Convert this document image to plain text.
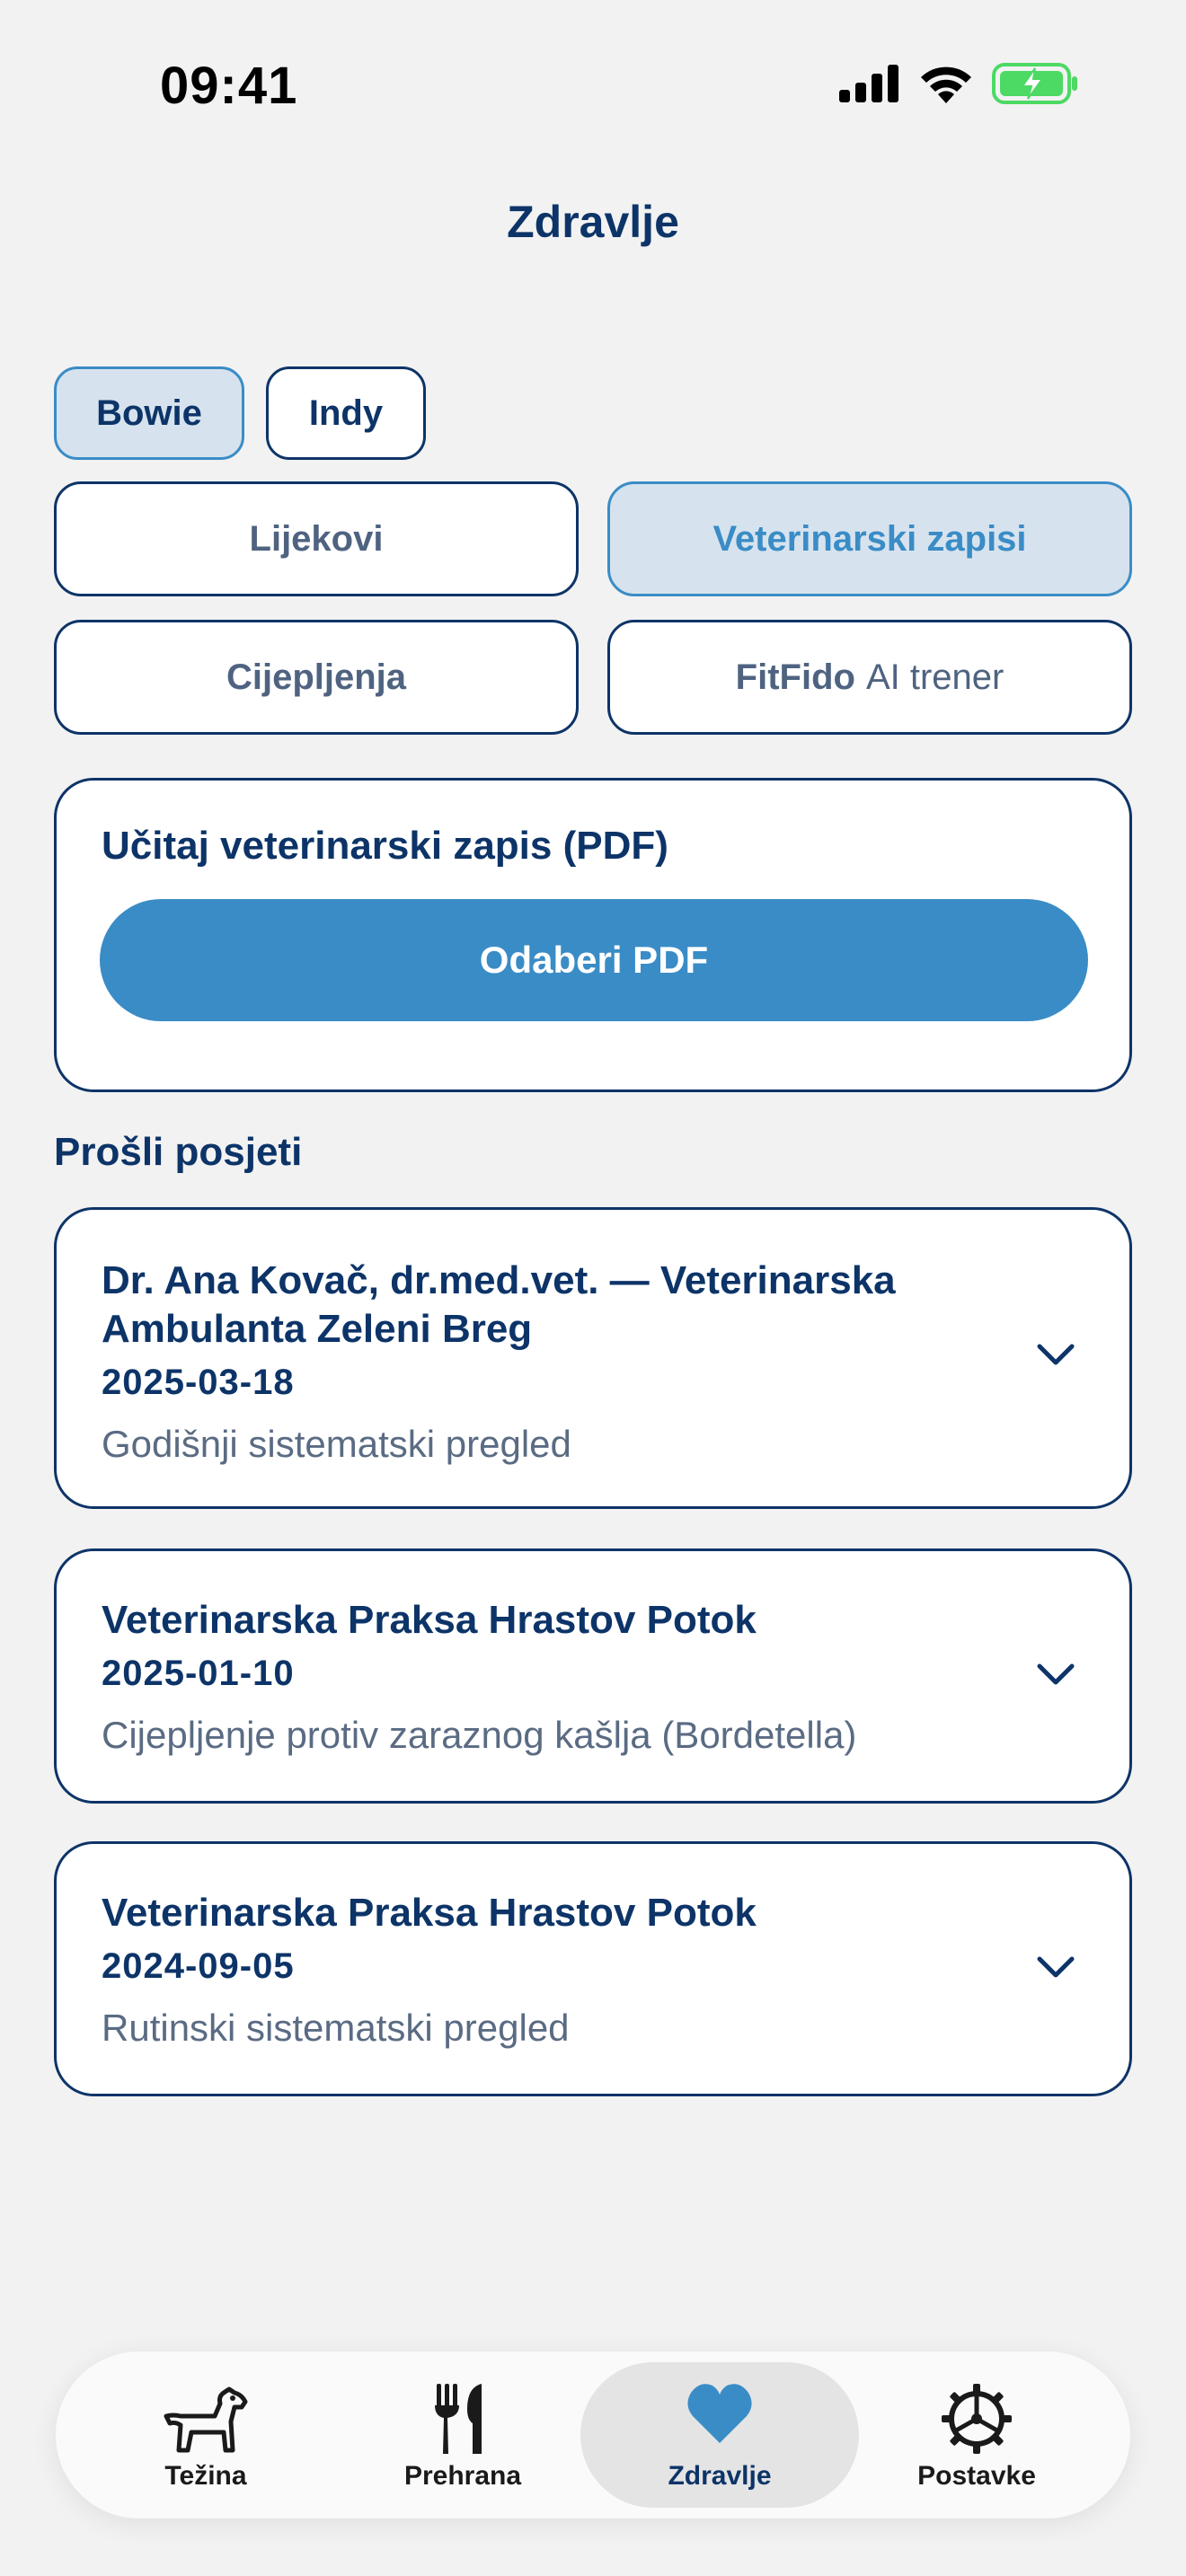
09:41
Zdravlje
Bowie	Indy
Lijekovi	Veterinarski zapisi
Cijepljenja	FitFido AI trener
Učitaj veterinarski zapis (PDF)
Odaberi PDF
Prošli posjeti
Dr. Ana Kovač, dr.med.vet. — Veterinarska Ambulanta Zeleni Breg
2025-03-18
Godišnji sistematski pregled
Veterinarska Praksa Hrastov Potok
2025-01-10
Cijepljenje protiv zaraznog kašlja (Bordetella)
Veterinarska Praksa Hrastov Potok
2024-09-05
Rutinski sistematski pregled
Težina	Prehrana	Zdravlje	Postavke
